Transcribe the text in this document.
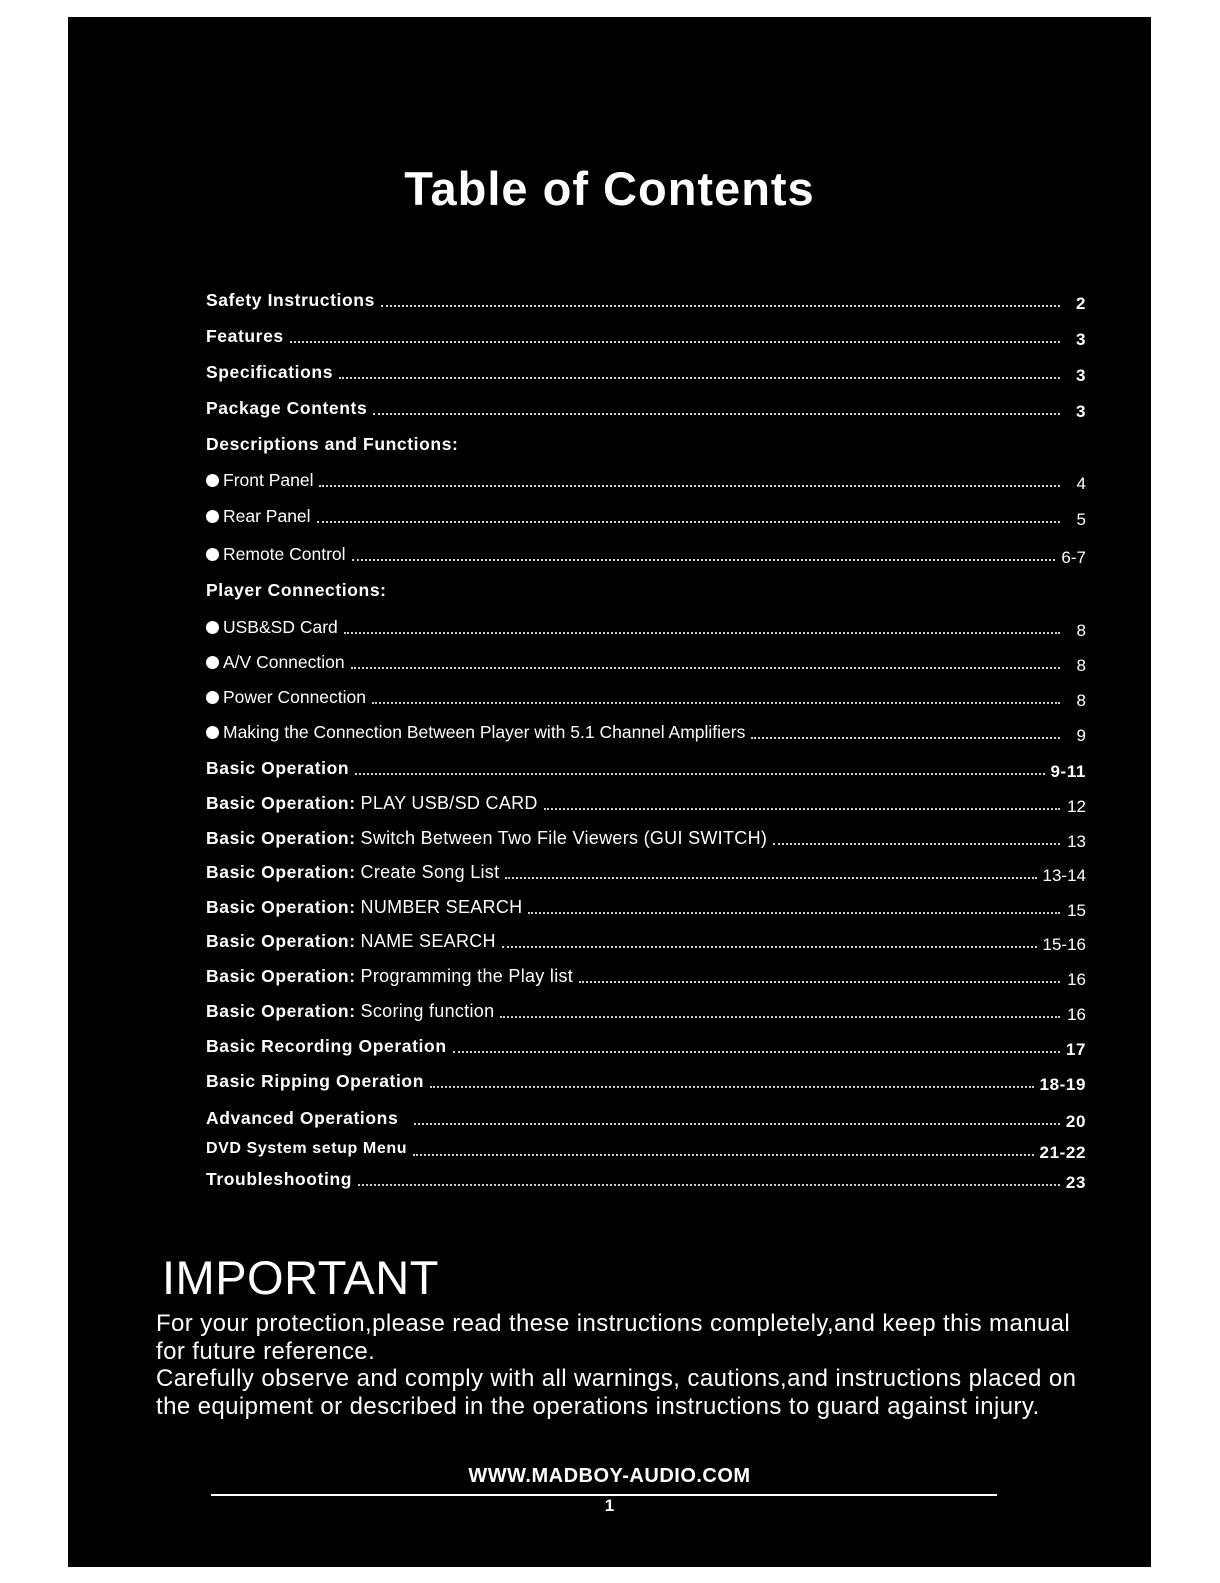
Table of Contents
Safety Instructions	2
Features	3
Specifications	3
Package Contents	3
Descriptions and Functions:
Front Panel	4
Rear Panel	5
Remote Control	6-7
Player Connections:
USB&SD Card	8
A/V Connection	8
Power Connection	8
Making the Connection Between Player with 5.1 Channel Amplifiers	9
Basic Operation	9-11
Basic Operation: PLAY USB/SD CARD	12
Basic Operation: Switch Between Two File Viewers (GUI SWITCH)	13
Basic Operation: Create Song List	13-14
Basic Operation: NUMBER SEARCH	15
Basic Operation: NAME SEARCH	15-16
Basic Operation: Programming the Play list	16
Basic Operation: Scoring function	16
Basic Recording Operation	17
Basic Ripping Operation	18-19
Advanced Operations	20
DVD System setup Menu	21-22
Troubleshooting	23
IMPORTANT

For your protection,please read these instructions completely,and keep this manual for future reference.

Carefully observe and comply with all warnings, cautions,and instructions placed on the equipment or described in the operations instructions to guard against injury.

WWW.MADBOY-AUDIO.COM
1
